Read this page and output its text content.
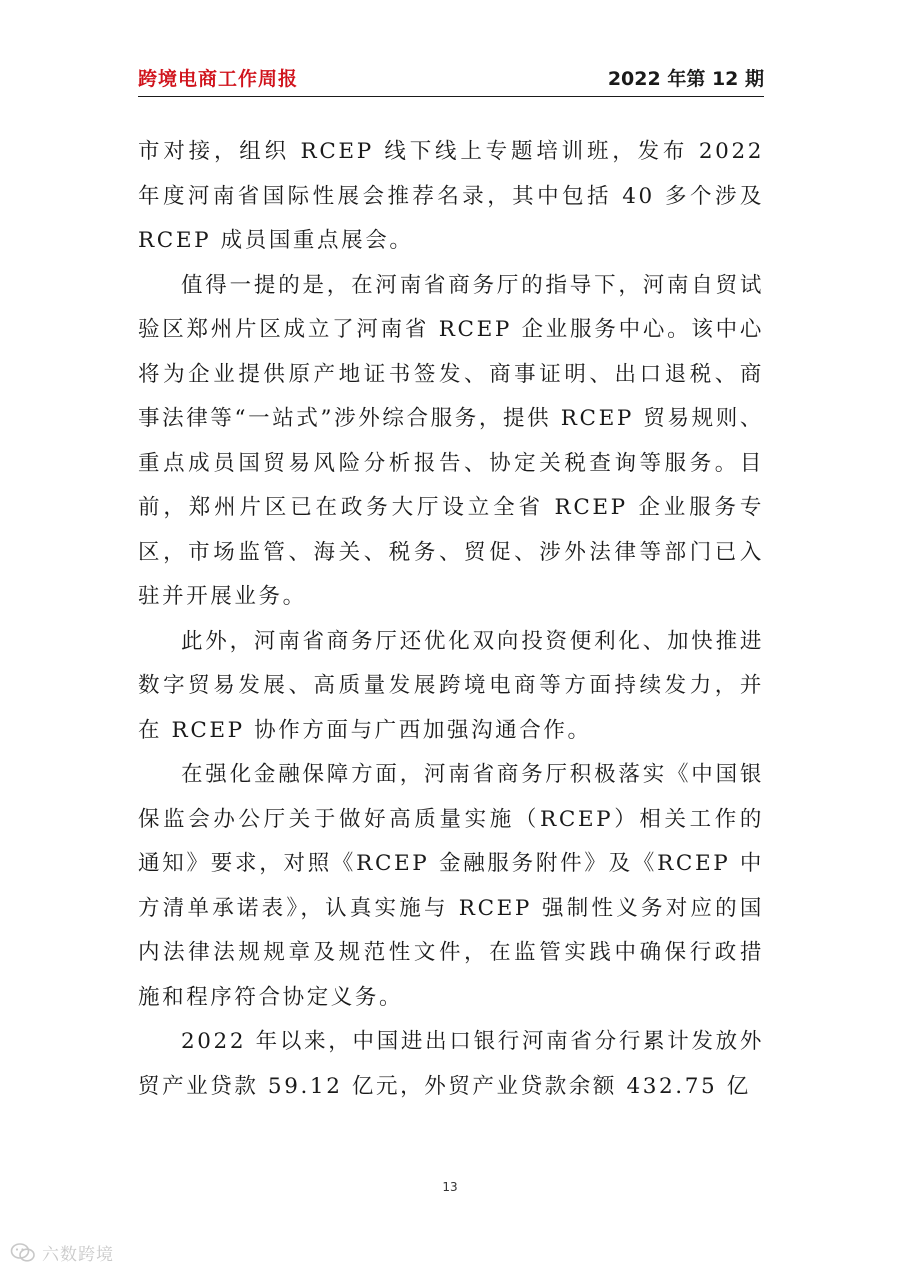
跨境电商工作周报	2022 年第 12 期

市对接，组织 RCEP 线下线上专题培训班，发布 2022 年度河南省国际性展会推荐名录，其中包括 40 多个涉及 RCEP 成员国重点展会。

值得一提的是，在河南省商务厅的指导下，河南自贸试验区郑州片区成立了河南省 RCEP 企业服务中心。该中心将为企业提供原产地证书签发、商事证明、出口退税、商事法律等“一站式”涉外综合服务，提供 RCEP 贸易规则、重点成员国贸易风险分析报告、协定关税查询等服务。目前，郑州片区已在政务大厅设立全省 RCEP 企业服务专区，市场监管、海关、税务、贸促、涉外法律等部门已入驻并开展业务。

此外，河南省商务厅还优化双向投资便利化、加快推进数字贸易发展、高质量发展跨境电商等方面持续发力，并在 RCEP 协作方面与广西加强沟通合作。

在强化金融保障方面，河南省商务厅积极落实《中国银保监会办公厅关于做好高质量实施（RCEP）相关工作的通知》要求，对照《RCEP 金融服务附件》及《RCEP 中方清单承诺表》，认真实施与 RCEP 强制性义务对应的国内法律法规规章及规范性文件，在监管实践中确保行政措施和程序符合协定义务。

2022 年以来，中国进出口银行河南省分行累计发放外贸产业贷款 59.12 亿元，外贸产业贷款余额 432.75 亿

13
六数跨境
